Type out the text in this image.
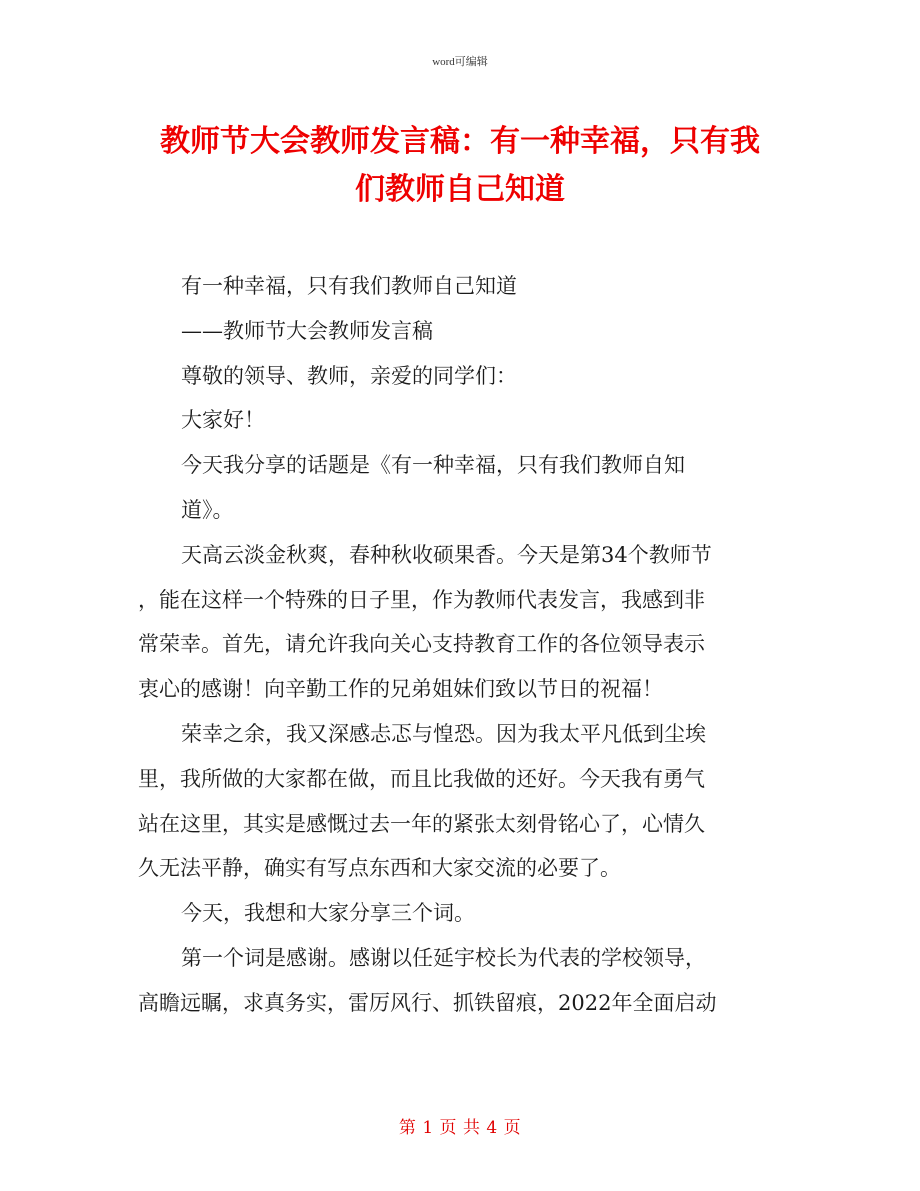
word可编辑
教师节大会教师发言稿：有一种幸福，只有我
们教师自己知道
有一种幸福，只有我们教师自己知道
——教师节大会教师发言稿
尊敬的领导、教师，亲爱的同学们：
大家好！
今天我分享的话题是《有一种幸福，只有我们教师自知
道》。
天高云淡金秋爽，春种秋收硕果香。今天是第34个教师节
，能在这样一个特殊的日子里，作为教师代表发言，我感到非
常荣幸。首先，请允许我向关心支持教育工作的各位领导表示
衷心的感谢！向辛勤工作的兄弟姐妹们致以节日的祝福！
荣幸之余，我又深感忐忑与惶恐。因为我太平凡低到尘埃
里，我所做的大家都在做，而且比我做的还好。今天我有勇气
站在这里，其实是感慨过去一年的紧张太刻骨铭心了，心情久
久无法平静，确实有写点东西和大家交流的必要了。
今天，我想和大家分享三个词。
第一个词是感谢。感谢以任延宇校长为代表的学校领导，
高瞻远瞩，求真务实，雷厉风行、抓铁留痕，2022年全面启动
第 1 页 共 4 页
